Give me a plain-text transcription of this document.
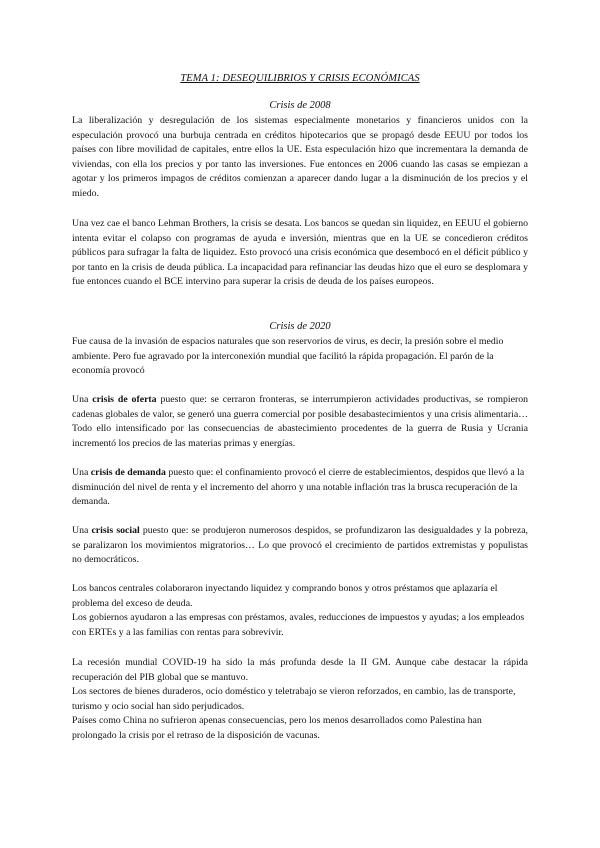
TEMA 1: DESEQUILIBRIOS Y CRISIS ECONÓMICAS
Crisis de 2008

La liberalización y desregulación de los sistemas especialmente monetarios y financieros unidos con la especulación provocó una burbuja centrada en créditos hipotecarios que se propagó desde EEUU por todos los países con libre movilidad de capitales, entre ellos la UE. Esta especulación hizo que incrementara la demanda de viviendas, con ella los precios y por tanto las inversiones. Fue entonces en 2006 cuando las casas se empiezan a agotar y los primeros impagos de créditos comienzan a aparecer dando lugar a la disminución de los precios y el miedo.

Una vez cae el banco Lehman Brothers, la crisis se desata. Los bancos se quedan sin liquidez, en EEUU el gobierno intenta evitar el colapso con programas de ayuda e inversión, mientras que en la UE se concedieron créditos públicos para sufragar la falta de liquidez. Esto provocó una crisis económica que desembocó en el déficit público y por tanto en la crisis de deuda pública. La incapacidad para refinanciar las deudas hizo que el euro se desplomara y fue entonces cuando el BCE intervino para superar la crisis de deuda de los países europeos.

Crisis de 2020

Fue causa de la invasión de espacios naturales que son reservorios de virus, es decir, la presión sobre el medio ambiente. Pero fue agravado por la interconexión mundial que facilitó la rápida propagación. El parón de la economía provocó

Una crisis de oferta puesto que: se cerraron fronteras, se interrumpieron actividades productivas, se rompieron cadenas globales de valor, se generó una guerra comercial por posible desabastecimientos y una crisis alimentaria… Todo ello intensificado por las consecuencias de abastecimiento procedentes de la guerra de Rusia y Ucrania incrementó los precios de las materias primas y energías.

Una crisis de demanda puesto que: el confinamiento provocó el cierre de establecimientos, despidos que llevó a la disminución del nivel de renta y el incremento del ahorro y una notable inflación tras la brusca recuperación de la demanda.

Una crisis social puesto que: se produjeron numerosos despidos, se profundizaron las desigualdades y la pobreza, se paralizaron los movimientos migratorios… Lo que provocó el crecimiento de partidos extremistas y populistas no democráticos.

Los bancos centrales colaboraron inyectando liquidez y comprando bonos y otros préstamos que aplazaría el problema del exceso de deuda.

Los gobiernos ayudaron a las empresas con préstamos, avales, reducciones de impuestos y ayudas; a los empleados con ERTEs y a las familias con rentas para sobrevivir.

La recesión mundial COVID-19 ha sido la más profunda desde la II GM. Aunque cabe destacar la rápida recuperación del PIB global que se mantuvo.

Los sectores de bienes duraderos, ocio doméstico y teletrabajo se vieron reforzados, en cambio, las de transporte, turismo y ocio social han sido perjudicados.

Países como China no sufrieron apenas consecuencias, pero los menos desarrollados como Palestina han prolongado la crisis por el retraso de la disposición de vacunas.
